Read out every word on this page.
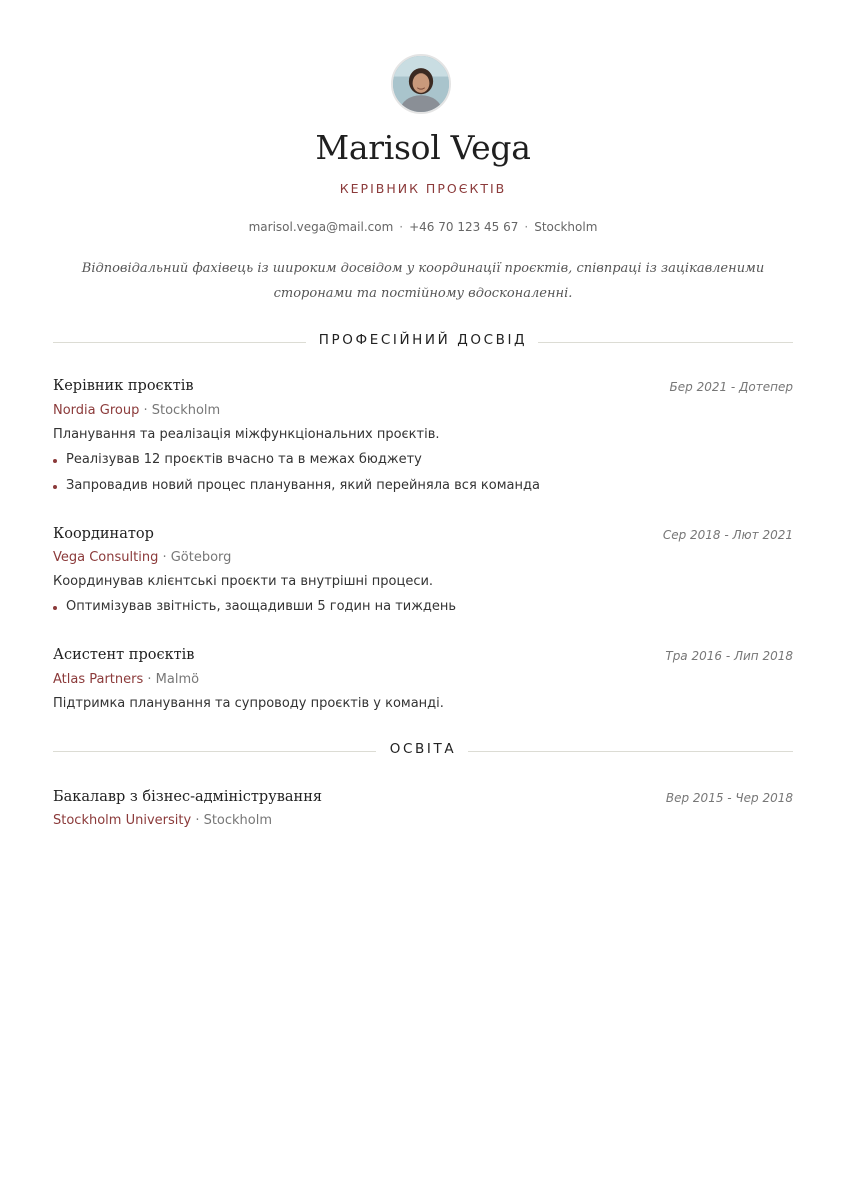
Marisol Vega
КЕРІВНИК ПРОЄКТІВ
marisol.vega@mail.com · +46 70 123 45 67 · Stockholm
Відповідальний фахівець із широким досвідом у координації проєктів, співпраці із зацікавленими сторонами та постійному вдосконаленні.
ПРОФЕСІЙНИЙ ДОСВІД
Керівник проєктів	Бер 2021 - Дотепер
Nordia Group · Stockholm
Планування та реалізація міжфункціональних проєктів.
Реалізував 12 проєктів вчасно та в межах бюджету
Запровадив новий процес планування, який перейняла вся команда
Координатор	Сер 2018 - Лют 2021
Vega Consulting · Göteborg
Координував клієнтські проєкти та внутрішні процеси.
Оптимізував звітність, заощадивши 5 годин на тиждень
Асистент проєктів	Тра 2016 - Лип 2018
Atlas Partners · Malmö
Підтримка планування та супроводу проєктів у команді.
ОСВІТА
Бакалавр з бізнес-адміністрування	Вер 2015 - Чер 2018
Stockholm University · Stockholm
